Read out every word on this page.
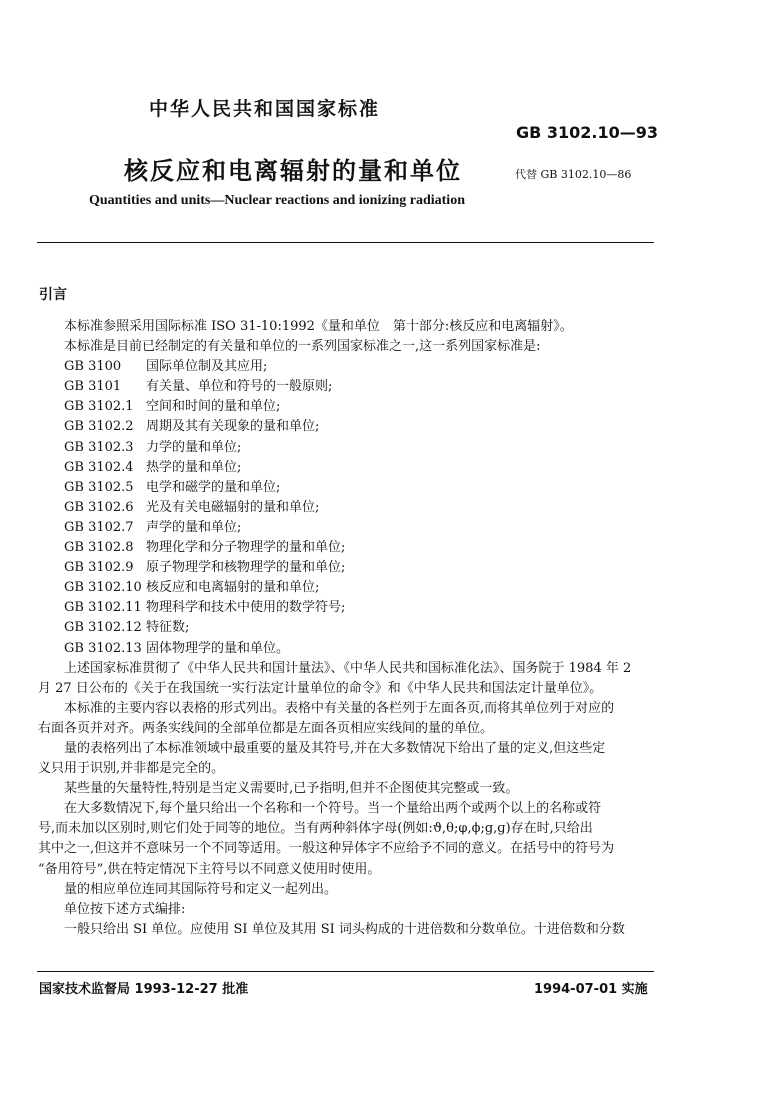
中华人民共和国国家标准
GB 3102.10—93
核反应和电离辐射的量和单位	代替 GB 3102.10—86
Quantities and units—Nuclear reactions and ionizing radiation
引言
本标准参照采用国际标准 ISO 31-10:1992《量和单位　第十部分:核反应和电离辐射》。
本标准是目前已经制定的有关量和单位的一系列国家标准之一,这一系列国家标准是:
GB 3100 国际单位制及其应用;
GB 3101 有关量、单位和符号的一般原则;
GB 3102.1 空间和时间的量和单位;
GB 3102.2 周期及其有关现象的量和单位;
GB 3102.3 力学的量和单位;
GB 3102.4 热学的量和单位;
GB 3102.5 电学和磁学的量和单位;
GB 3102.6 光及有关电磁辐射的量和单位;
GB 3102.7 声学的量和单位;
GB 3102.8 物理化学和分子物理学的量和单位;
GB 3102.9 原子物理学和核物理学的量和单位;
GB 3102.10 核反应和电离辐射的量和单位;
GB 3102.11 物理科学和技术中使用的数学符号;
GB 3102.12 特征数;
GB 3102.13 固体物理学的量和单位。
上述国家标准贯彻了《中华人民共和国计量法》、《中华人民共和国标准化法》、国务院于 1984 年 2
月 27 日公布的《关于在我国统一实行法定计量单位的命令》和《中华人民共和国法定计量单位》。
本标准的主要内容以表格的形式列出。表格中有关量的各栏列于左面各页,而将其单位列于对应的
右面各页并对齐。两条实线间的全部单位都是左面各页相应实线间的量的单位。
量的表格列出了本标准领域中最重要的量及其符号,并在大多数情况下给出了量的定义,但这些定
义只用于识别,并非都是完全的。
某些量的矢量特性,特别是当定义需要时,已予指明,但并不企图使其完整或一致。
在大多数情况下,每个量只给出一个名称和一个符号。当一个量给出两个或两个以上的名称或符
号,而未加以区别时,则它们处于同等的地位。当有两种斜体字母(例如:ϑ,θ;φ,ϕ;g,ɡ)存在时,只给出
其中之一,但这并不意味另一个不同等适用。一般这种异体字不应给予不同的意义。在括号中的符号为
“备用符号”,供在特定情况下主符号以不同意义使用时使用。
量的相应单位连同其国际符号和定义一起列出。
单位按下述方式编排:
一般只给出 SI 单位。应使用 SI 单位及其用 SI 词头构成的十进倍数和分数单位。十进倍数和分数
国家技术监督局 1993-12-27 批准	1994-07-01 实施
